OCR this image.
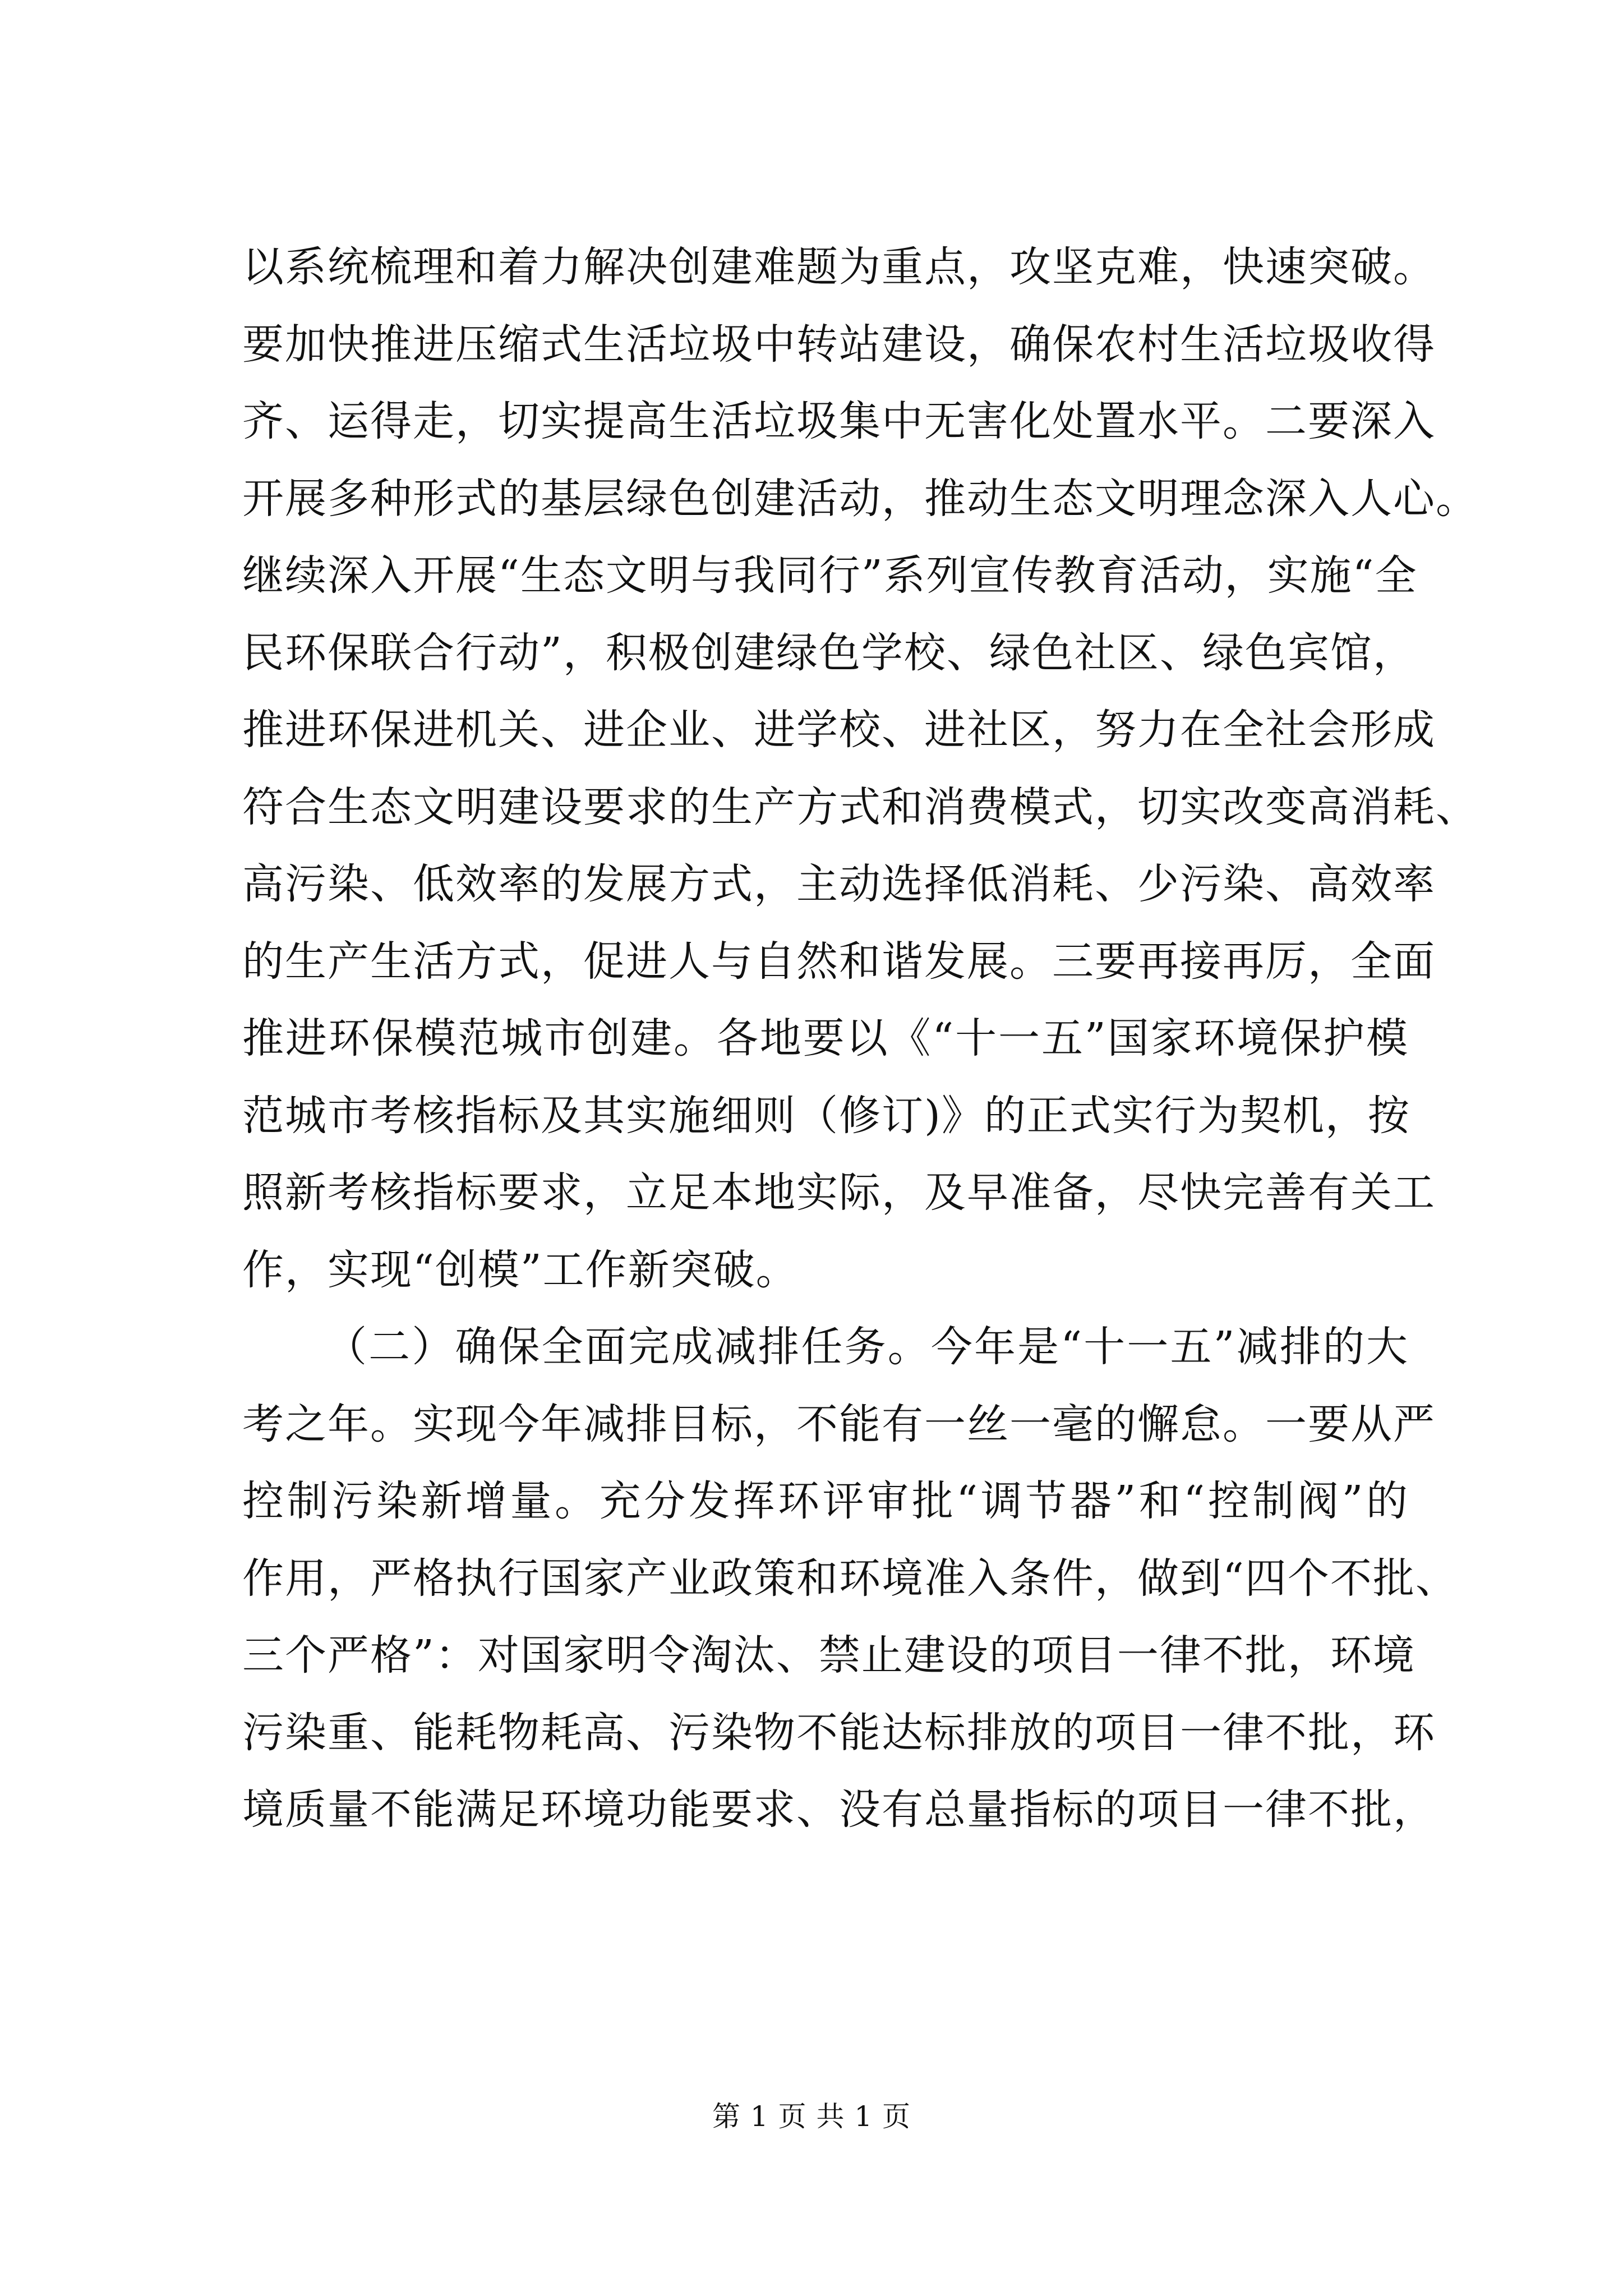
以系统梳理和着力解决创建难题为重点，攻坚克难，快速突破。
要加快推进压缩式生活垃圾中转站建设，确保农村生活垃圾收得
齐、运得走，切实提高生活垃圾集中无害化处置水平。二要深入
开展多种形式的基层绿色创建活动，推动生态文明理念深入人心。
继续深入开展“生态文明与我同行”系列宣传教育活动，实施“全
民环保联合行动”，积极创建绿色学校、绿色社区、绿色宾馆，
推进环保进机关、进企业、进学校、进社区，努力在全社会形成
符合生态文明建设要求的生产方式和消费模式，切实改变高消耗、
高污染、低效率的发展方式，主动选择低消耗、少污染、高效率
的生产生活方式，促进人与自然和谐发展。三要再接再厉，全面
推进环保模范城市创建。各地要以《“十一五”国家环境保护模
范城市考核指标及其实施细则（修订)》的正式实行为契机，按
照新考核指标要求，立足本地实际，及早准备，尽快完善有关工
作，实现“创模”工作新突破。
（二）确保全面完成减排任务。今年是“十一五”减排的大
考之年。实现今年减排目标，不能有一丝一毫的懈怠。一要从严
控制污染新增量。充分发挥环评审批“调节器”和“控制阀”的
作用，严格执行国家产业政策和环境准入条件，做到“四个不批、
三个严格”：对国家明令淘汰、禁止建设的项目一律不批，环境
污染重、能耗物耗高、污染物不能达标排放的项目一律不批，环
境质量不能满足环境功能要求、没有总量指标的项目一律不批，
第 1 页 共 1 页
